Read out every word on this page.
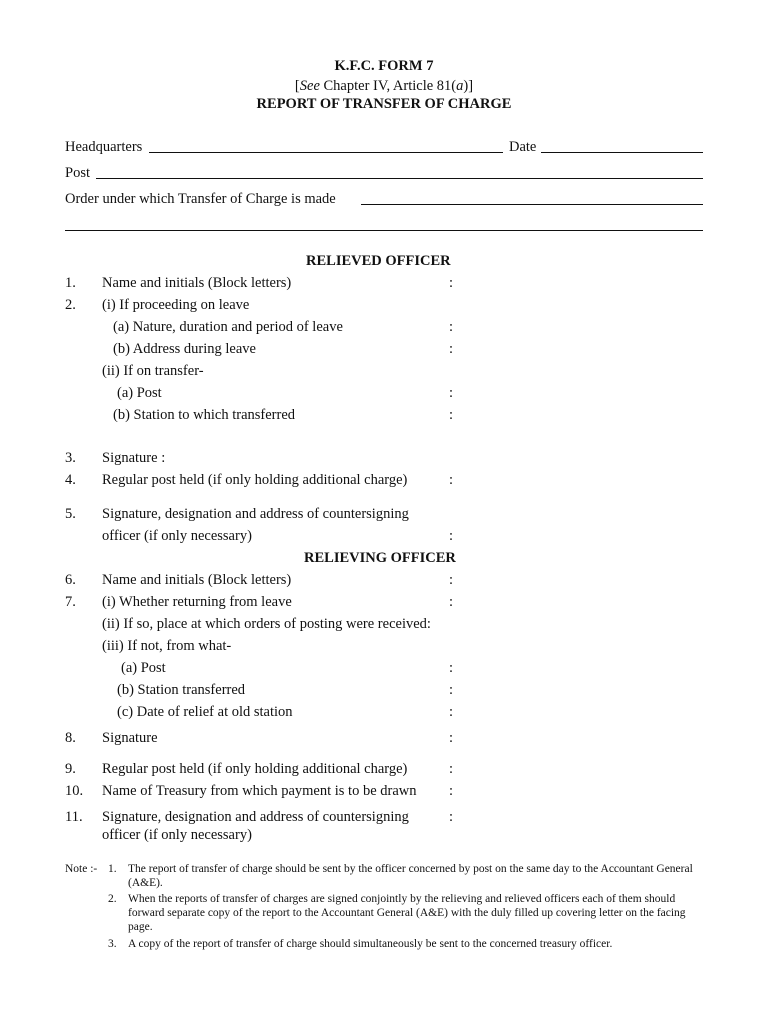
K.F.C. FORM 7
[See Chapter IV, Article 81(a)]
REPORT OF TRANSFER OF CHARGE
Headquarters	Date
Post
Order under which Transfer of Charge is made
RELIEVED OFFICER
1. Name and initials (Block letters)	:
2. (i) If proceeding on leave
(a) Nature, duration and period of leave	:
(b) Address during leave	:
(ii) If on transfer-
(a) Post	:
(b) Station to which transferred	:
3. Signature :
4. Regular post held (if only holding additional charge)	:
5. Signature, designation and address of countersigning
officer (if only necessary)	:
RELIEVING OFFICER
6. Name and initials (Block letters)	:
7. (i) Whether returning from leave	:
(ii) If so, place at which orders of posting were received:
(iii) If not, from what-
(a) Post	:
(b) Station transferred	:
(c) Date of relief at old station	:
8. Signature	:
9. Regular post held (if only holding additional charge)	:
10. Name of Treasury from which payment is to be drawn :
11. Signature, designation and address of countersigning	:
officer (if only necessary)
Note :- 1. The report of transfer of charge should be sent by the officer concerned by post on the same day to the Accountant General (A&E).
2. When the reports of transfer of charges are signed conjointly by the relieving and relieved officers each of them should forward separate copy of the report to the Accountant General (A&E) with the duly filled up covering letter on the facing page.
3. A copy of the report of transfer of charge should simultaneously be sent to the concerned treasury officer.
